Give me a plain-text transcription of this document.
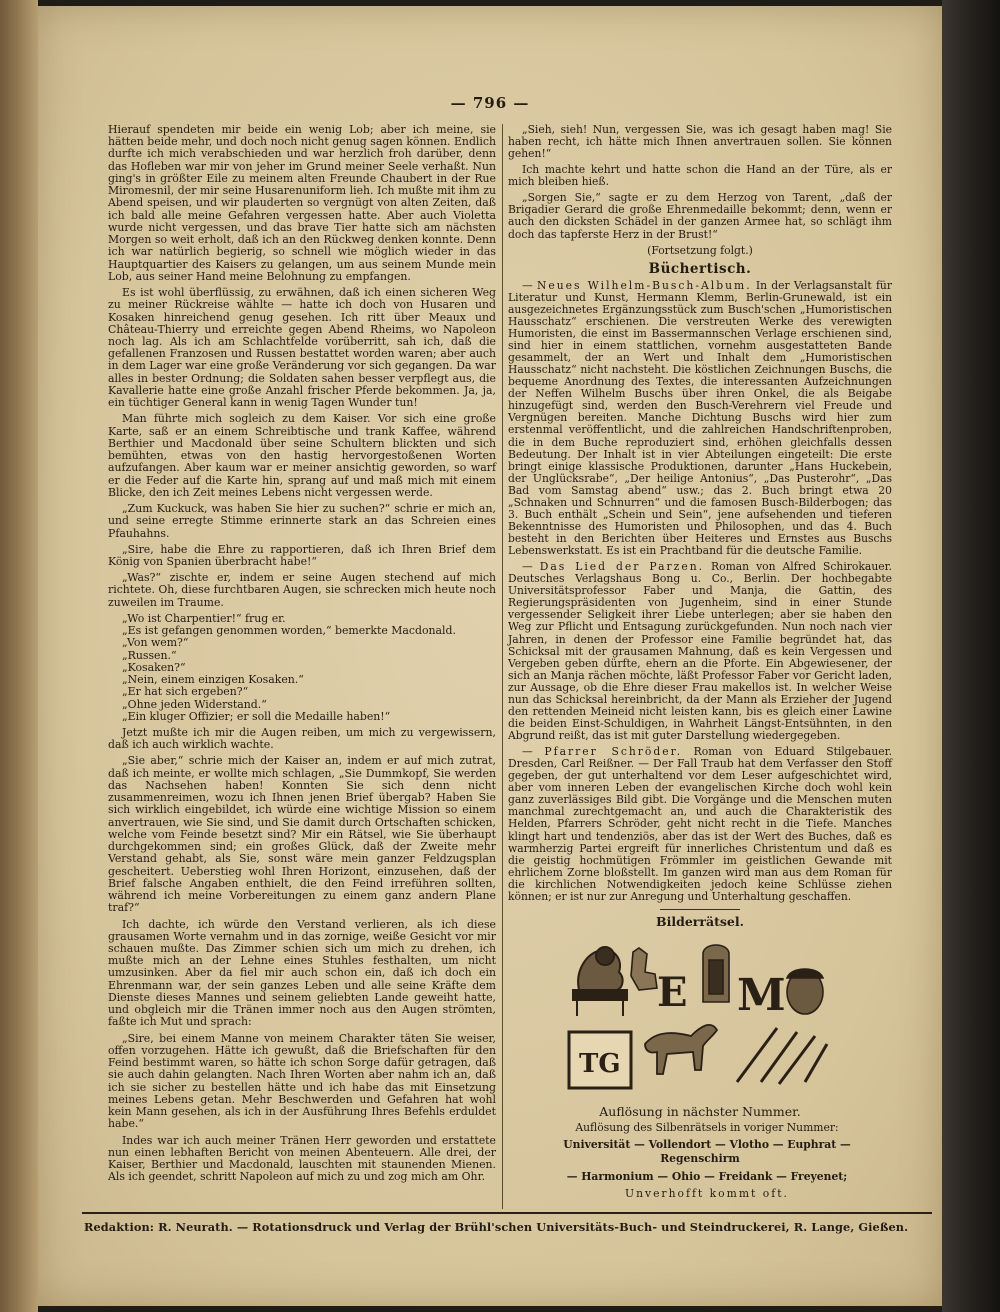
— 796 —

Hierauf spendeten mir beide ein wenig Lob; aber ich meine, sie hätten beide mehr, und doch noch nicht genug sagen können. Endlich durfte ich mich verabschieden und war herzlich froh darüber, denn das Hofleben war mir von jeher im Grund meiner Seele verhaßt. Nun ging's in größter Eile zu meinem alten Freunde Chaubert in der Rue Miromesnil, der mir seine Husarenuniform lieh. Ich mußte mit ihm zu Abend speisen, und wir plauderten so vergnügt von alten Zeiten, daß ich bald alle meine Gefahren vergessen hatte. Aber auch Violetta wurde nicht vergessen, und das brave Tier hatte sich am nächsten Morgen so weit erholt, daß ich an den Rückweg denken konnte. Denn ich war natürlich begierig, so schnell wie möglich wieder in das Hauptquartier des Kaisers zu gelangen, um aus seinem Munde mein Lob, aus seiner Hand meine Belohnung zu empfangen.

Es ist wohl überflüssig, zu erwähnen, daß ich einen sicheren Weg zu meiner Rückreise wählte — hatte ich doch von Husaren und Kosaken hinreichend genug gesehen. Ich ritt über Meaux und Château-Thierry und erreichte gegen Abend Rheims, wo Napoleon noch lag. Als ich am Schlachtfelde vorüberritt, sah ich, daß die gefallenen Franzosen und Russen bestattet worden waren; aber auch in dem Lager war eine große Veränderung vor sich gegangen. Da war alles in bester Ordnung; die Soldaten sahen besser verpflegt aus, die Kavallerie hatte eine große Anzahl frischer Pferde bekommen. Ja, ja, ein tüchtiger General kann in wenig Tagen Wunder tun!

Man führte mich sogleich zu dem Kaiser. Vor sich eine große Karte, saß er an einem Schreibtische und trank Kaffee, während Berthier und Macdonald über seine Schultern blickten und sich bemühten, etwas von den hastig hervorgestoßenen Worten aufzufangen. Aber kaum war er meiner ansichtig geworden, so warf er die Feder auf die Karte hin, sprang auf und maß mich mit einem Blicke, den ich Zeit meines Lebens nicht vergessen werde.

„Zum Kuckuck, was haben Sie hier zu suchen?“ schrie er mich an, und seine erregte Stimme erinnerte stark an das Schreien eines Pfauhahns.

„Sire, habe die Ehre zu rapportieren, daß ich Ihren Brief dem König von Spanien überbracht habe!“

„Was?“ zischte er, indem er seine Augen stechend auf mich richtete. Oh, diese furchtbaren Augen, sie schrecken mich heute noch zuweilen im Traume.

„Wo ist Charpentier!“ frug er.

„Es ist gefangen genommen worden,“ bemerkte Macdonald.

„Von wem?“

„Russen.“

„Kosaken?“

„Nein, einem einzigen Kosaken.“

„Er hat sich ergeben?“

„Ohne jeden Widerstand.“

„Ein kluger Offizier; er soll die Medaille haben!“

Jetzt mußte ich mir die Augen reiben, um mich zu vergewissern, daß ich auch wirklich wachte.

„Sie aber,“ schrie mich der Kaiser an, indem er auf mich zutrat, daß ich meinte, er wollte mich schlagen, „Sie Dummkopf, Sie werden das Nachsehen haben! Konnten Sie sich denn nicht zusammenreimen, wozu ich Ihnen jenen Brief übergab? Haben Sie sich wirklich eingebildet, ich würde eine wichtige Mission so einem anvertrauen, wie Sie sind, und Sie damit durch Ortschaften schicken, welche vom Feinde besetzt sind? Mir ein Rätsel, wie Sie überhaupt durchgekommen sind; ein großes Glück, daß der Zweite mehr Verstand gehabt, als Sie, sonst wäre mein ganzer Feldzugsplan gescheitert. Ueberstieg wohl Ihren Horizont, einzusehen, daß der Brief falsche Angaben enthielt, die den Feind irreführen sollten, während ich meine Vorbereitungen zu einem ganz andern Plane traf?“

Ich dachte, ich würde den Verstand verlieren, als ich diese grausamen Worte vernahm und in das zornige, weiße Gesicht vor mir schauen mußte. Das Zimmer schien sich um mich zu drehen, ich mußte mich an der Lehne eines Stuhles festhalten, um nicht umzusinken. Aber da fiel mir auch schon ein, daß ich doch ein Ehrenmann war, der sein ganzes Leben und alle seine Kräfte dem Dienste dieses Mannes und seinem geliebten Lande geweiht hatte, und obgleich mir die Tränen immer noch aus den Augen strömten, faßte ich Mut und sprach:

„Sire, bei einem Manne von meinem Charakter täten Sie weiser, offen vorzugehen. Hätte ich gewußt, daß die Briefschaften für den Feind bestimmt waren, so hätte ich schon Sorge dafür getragen, daß sie auch dahin gelangten. Nach Ihren Worten aber nahm ich an, daß ich sie sicher zu bestellen hätte und ich habe das mit Einsetzung meines Lebens getan. Mehr Beschwerden und Gefahren hat wohl kein Mann gesehen, als ich in der Ausführung Ihres Befehls erduldet habe.“

Indes war ich auch meiner Tränen Herr geworden und erstattete nun einen lebhaften Bericht von meinen Abenteuern. Alle drei, der Kaiser, Berthier und Macdonald, lauschten mit staunenden Mienen. Als ich geendet, schritt Napoleon auf mich zu und zog mich am Ohr.

„Sieh, sieh! Nun, vergessen Sie, was ich gesagt haben mag! Sie haben recht, ich hätte mich Ihnen anvertrauen sollen. Sie können gehen!“

Ich machte kehrt und hatte schon die Hand an der Türe, als er mich bleiben hieß.

„Sorgen Sie,“ sagte er zu dem Herzog von Tarent, „daß der Brigadier Gerard die große Ehrenmedaille bekommt; denn, wenn er auch den dicksten Schädel in der ganzen Armee hat, so schlägt ihm doch das tapferste Herz in der Brust!“

(Fortsetzung folgt.)

Büchertisch.

— Neues Wilhelm-Busch-Album. In der Verlagsanstalt für Literatur und Kunst, Hermann Klemm, Berlin-Grunewald, ist ein ausgezeichnetes Ergänzungsstück zum Busch'schen „Humoristischen Hausschatz“ erschienen. Die verstreuten Werke des verewigten Humoristen, die einst im Bassermannschen Verlage erschienen sind, sind hier in einem stattlichen, vornehm ausgestatteten Bande gesammelt, der an Wert und Inhalt dem „Humoristischen Hausschatz“ nicht nachsteht. Die köstlichen Zeichnungen Buschs, die bequeme Anordnung des Textes, die interessanten Aufzeichnungen der Neffen Wilhelm Buschs über ihren Onkel, die als Beigabe hinzugefügt sind, werden den Busch-Verehrern viel Freude und Vergnügen bereiten. Manche Dichtung Buschs wird hier zum erstenmal veröffentlicht, und die zahlreichen Handschriftenproben, die in dem Buche reproduziert sind, erhöhen gleichfalls dessen Bedeutung. Der Inhalt ist in vier Abteilungen eingeteilt: Die erste bringt einige klassische Produktionen, darunter „Hans Huckebein, der Unglücksrabe“, „Der heilige Antonius“, „Das Pusterohr“, „Das Bad vom Samstag abend“ usw.; das 2. Buch bringt etwa 20 „Schnaken und Schnurren“ und die famosen Busch-Bilderbogen; das 3. Buch enthält „Schein und Sein“, jene aufsehenden und tieferen Bekenntnisse des Humoristen und Philosophen, und das 4. Buch besteht in den Berichten über Heiteres und Ernstes aus Buschs Lebenswerkstatt. Es ist ein Prachtband für die deutsche Familie.

— Das Lied der Parzen. Roman von Alfred Schirokauer. Deutsches Verlagshaus Bong u. Co., Berlin. Der hochbegabte Universitätsprofessor Faber und Manja, die Gattin, des Regierungspräsidenten von Jugenheim, sind in einer Stunde vergessender Seligkeit ihrer Liebe unterlegen; aber sie haben den Weg zur Pflicht und Entsagung zurückgefunden. Nun noch nach vier Jahren, in denen der Professor eine Familie begründet hat, das Schicksal mit der grausamen Mahnung, daß es kein Vergessen und Vergeben geben dürfte, ehern an die Pforte. Ein Abgewiesener, der sich an Manja rächen möchte, läßt Professor Faber vor Gericht laden, zur Aussage, ob die Ehre dieser Frau makellos ist. In welcher Weise nun das Schicksal hereinbricht, da der Mann als Erzieher der Jugend den rettenden Meineid nicht leisten kann, bis es gleich einer Lawine die beiden Einst-Schuldigen, in Wahrheit Längst-Entsühnten, in den Abgrund reißt, das ist mit guter Darstellung wiedergegeben.

— Pfarrer Schröder. Roman von Eduard Stilgebauer. Dresden, Carl Reißner. — Der Fall Traub hat dem Verfasser den Stoff gegeben, der gut unterhaltend vor dem Leser aufgeschichtet wird, aber vom inneren Leben der evangelischen Kirche doch wohl kein ganz zuverlässiges Bild gibt. Die Vorgänge und die Menschen muten manchmal zurechtgemacht an, und auch die Charakteristik des Helden, Pfarrers Schröder, geht nicht recht in die Tiefe. Manches klingt hart und tendenziös, aber das ist der Wert des Buches, daß es warmherzig Partei ergreift für innerliches Christentum und daß es die geistig hochmütigen Frömmler im geistlichen Gewande mit ehrlichem Zorne bloßstellt. Im ganzen wird man aus dem Roman für die kirchlichen Notwendigkeiten jedoch keine Schlüsse ziehen können; er ist nur zur Anregung und Unterhaltung geschaffen.

Bilderrätsel.
E M
TG
Auflösung in nächster Nummer.

Auflösung des Silbenrätsels in voriger Nummer:

Universität — Vollendort — Vlotho — Euphrat — Regenschirm

— Harmonium — Ohio — Freidank — Freyenet;

Unverhofft kommt oft.

Redaktion: R. Neurath. — Rotationsdruck und Verlag der Brühl'schen Universitäts-Buch- und Steindruckerei, R. Lange, Gießen.
